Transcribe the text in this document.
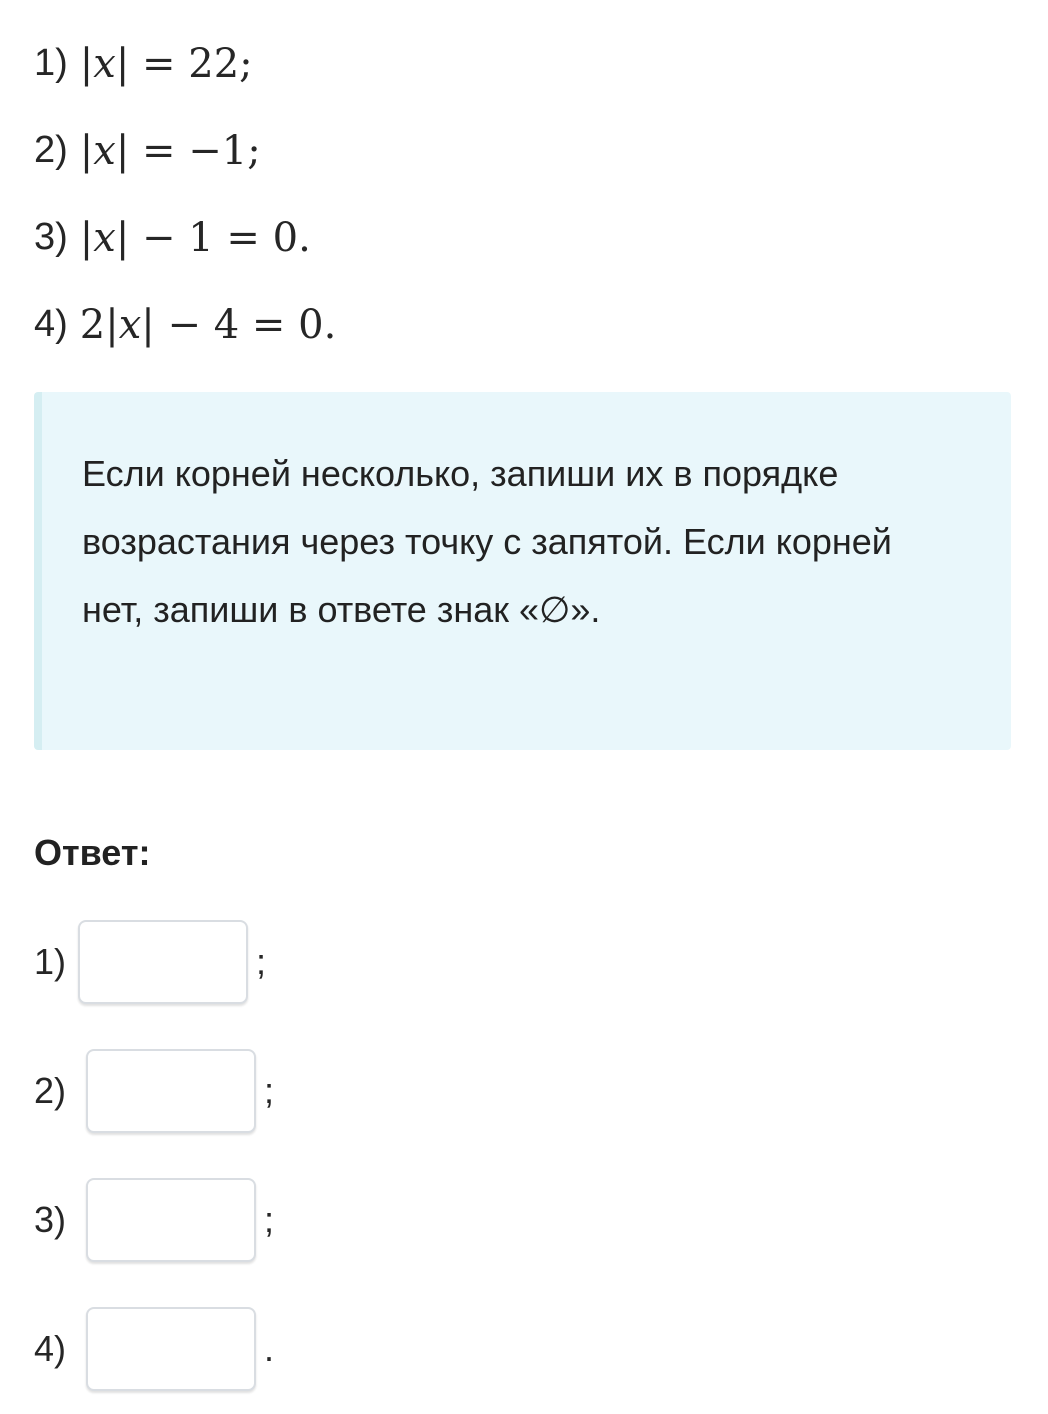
1) |x| = 22;
2) |x| = −1;
3) |x| − 1 = 0.
4) 2|x| − 4 = 0.
Если корней несколько, запиши их в порядке возрастания через точку с запятой. Если корней нет, запиши в ответе знак «∅».
Ответ:
1)	;
2)	;
3)	;
4)	.
